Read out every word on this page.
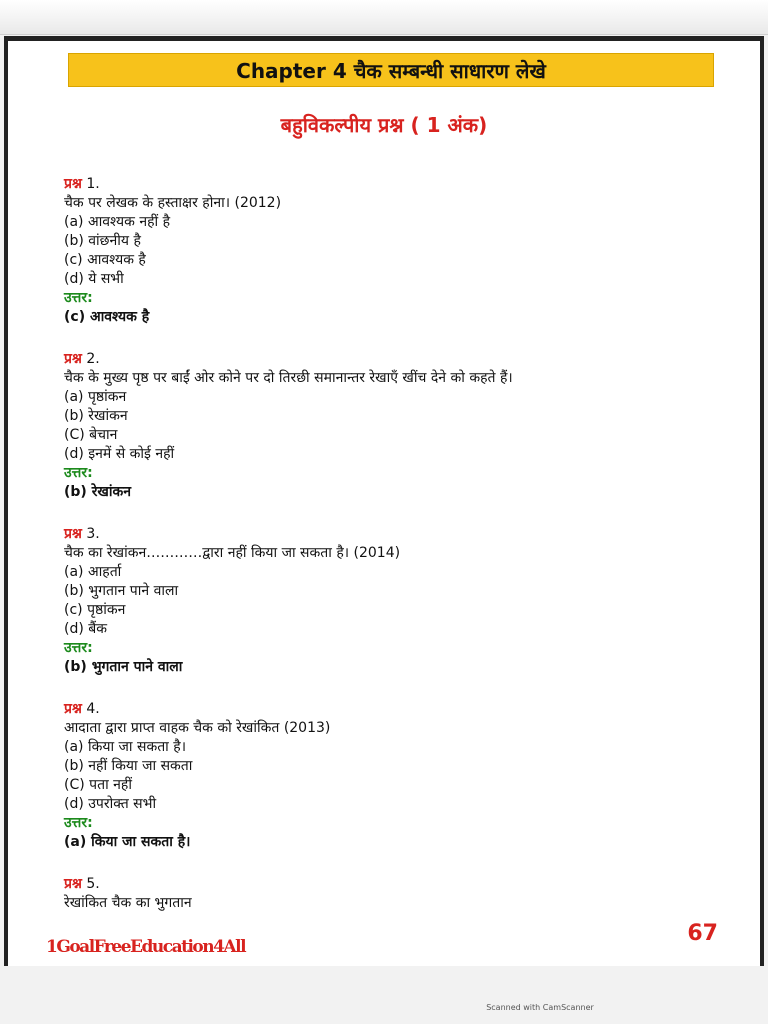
Chapter 4 चैक सम्बन्धी साधारण लेखे
बहुविकल्पीय प्रश्न ( 1 अंक)
प्रश्न 1.
चैक पर लेखक के हस्ताक्षर होना। (2012)
(a) आवश्यक नहीं है
(b) वांछनीय है
(c) आवश्यक है
(d) ये सभी
उत्तर:
(c) आवश्यक है
प्रश्न 2.
चैक के मुख्य पृष्ठ पर बाईं ओर कोने पर दो तिरछी समानान्तर रेखाएँ खींच देने को कहते हैं।
(a) पृष्ठांकन
(b) रेखांकन
(C) बेचान
(d) इनमें से कोई नहीं
उत्तर:
(b) रेखांकन
प्रश्न 3.
चैक का रेखांकन…………द्वारा नहीं किया जा सकता है। (2014)
(a) आहर्ता
(b) भुगतान पाने वाला
(c) पृष्ठांकन
(d) बैंक
उत्तर:
(b) भुगतान पाने वाला
प्रश्न 4.
आदाता द्वारा प्राप्त वाहक चैक को रेखांकित (2013)
(a) किया जा सकता है।
(b) नहीं किया जा सकता
(C) पता नहीं
(d) उपरोक्त सभी
उत्तर:
(a) किया जा सकता है।
प्रश्न 5.
रेखांकित चैक का भुगतान
67
1GoalFreeEducation4All
Scanned with CamScanner
